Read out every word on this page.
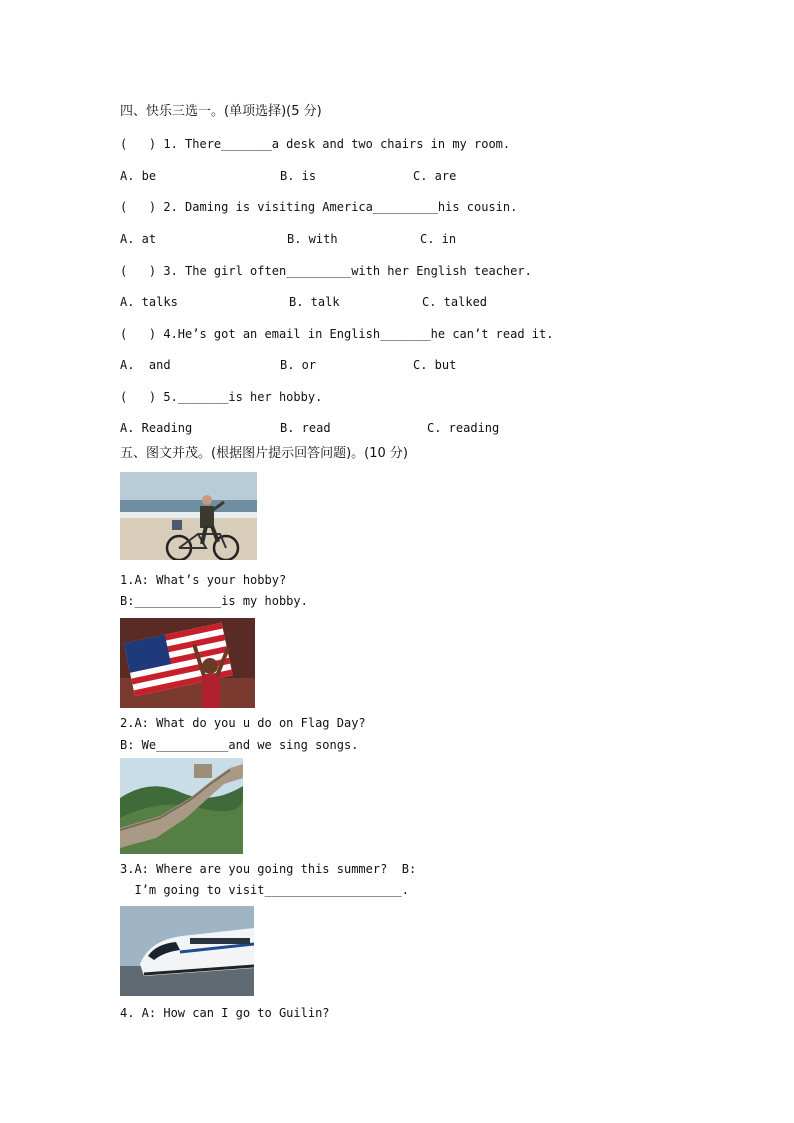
四、快乐三选一。(单项选择)(5 分)
(   ) 1. There_______a desk and two chairs in my room.
A. be	B. is	C. are
(   ) 2. Daming is visiting America_________his cousin.
A. at	B. with	C. in
(   ) 3. The girl often_________with her English teacher.
A. talks	B. talk	C. talked
(   ) 4.He’s got an email in English_______he can’t read it.
A.  and	B. or	C. but
(   ) 5._______is her hobby.
A. Reading	B. read	C. reading
五、图文并茂。(根据图片提示回答问题)。(10 分)
1.A: What’s your hobby?
B:____________is my hobby.
2.A: What do you u do on Flag Day?
B: We__________and we sing songs.
3.A: Where are you going this summer?  B:
I’m going to visit___________________.
4. A: How can I go to Guilin?
